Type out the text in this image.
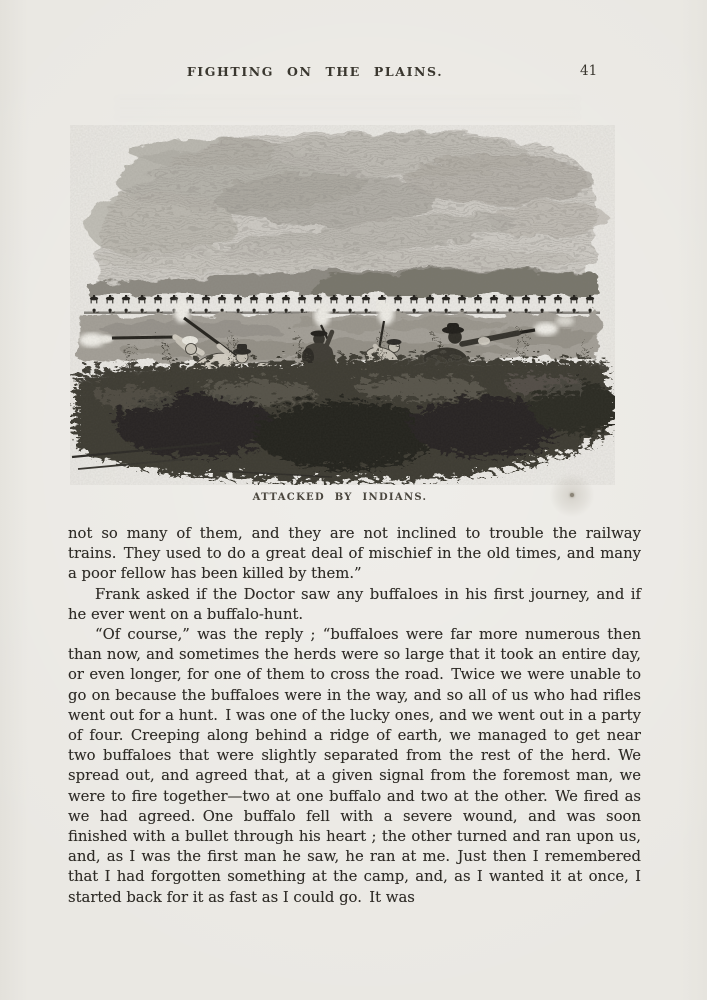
FIGHTING ON THE PLAINS.	41
ATTACKED BY INDIANS.

not so many of them, and they are not inclined to trouble the railway trains. They used to do a great deal of mischief in the old times, and many a poor fellow has been killed by them.”

Frank asked if the Doctor saw any buffaloes in his first journey, and if he ever went on a buffalo-hunt.

“Of course,” was the reply ; “buffaloes were far more numerous then than now, and sometimes the herds were so large that it took an entire day, or even longer, for one of them to cross the road. Twice we were unable to go on because the buffaloes were in the way, and so all of us who had rifles went out for a hunt. I was one of the lucky ones, and we went out in a party of four. Creeping along behind a ridge of earth, we managed to get near two buffaloes that were slightly separated from the rest of the herd. We spread out, and agreed that, at a given signal from the foremost man, we were to fire together—two at one buffalo and two at the other. We fired as we had agreed. One buffalo fell with a severe wound, and was soon finished with a bullet through his heart ; the other turned and ran upon us, and, as I was the first man he saw, he ran at me. Just then I remembered that I had forgotten something at the camp, and, as I wanted it at once, I started back for it as fast as I could go. It was
